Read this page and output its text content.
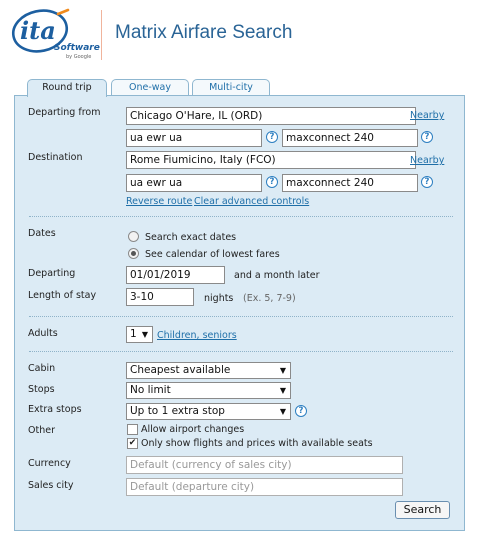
ita
Software
by Google
Matrix Airfare Search
Round trip	One-way	Multi-city
Departing from	Chicago O'Hare, IL (ORD)	Nearby
ua ewr ua	?	maxconnect 240	?
Destination	Rome Fiumicino, Italy (FCO)	Nearby
ua ewr ua	?	maxconnect 240	?
Reverse route Clear advanced controls
Dates	Search exact dates
See calendar of lowest fares
Departing	01/01/2019	and a month later
Length of stay	3-10	nights (Ex. 5, 7-9)
Adults	1 ▼ Children, seniors
Cabin	Cheapest available	▼
Stops	No limit	▼
Extra stops	Up to 1 extra stop	▼	?
Other	Allow airport changes
✔ Only show flights and prices with available seats
Currency	Default (currency of sales city)
Sales city	Default (departure city)
Search
